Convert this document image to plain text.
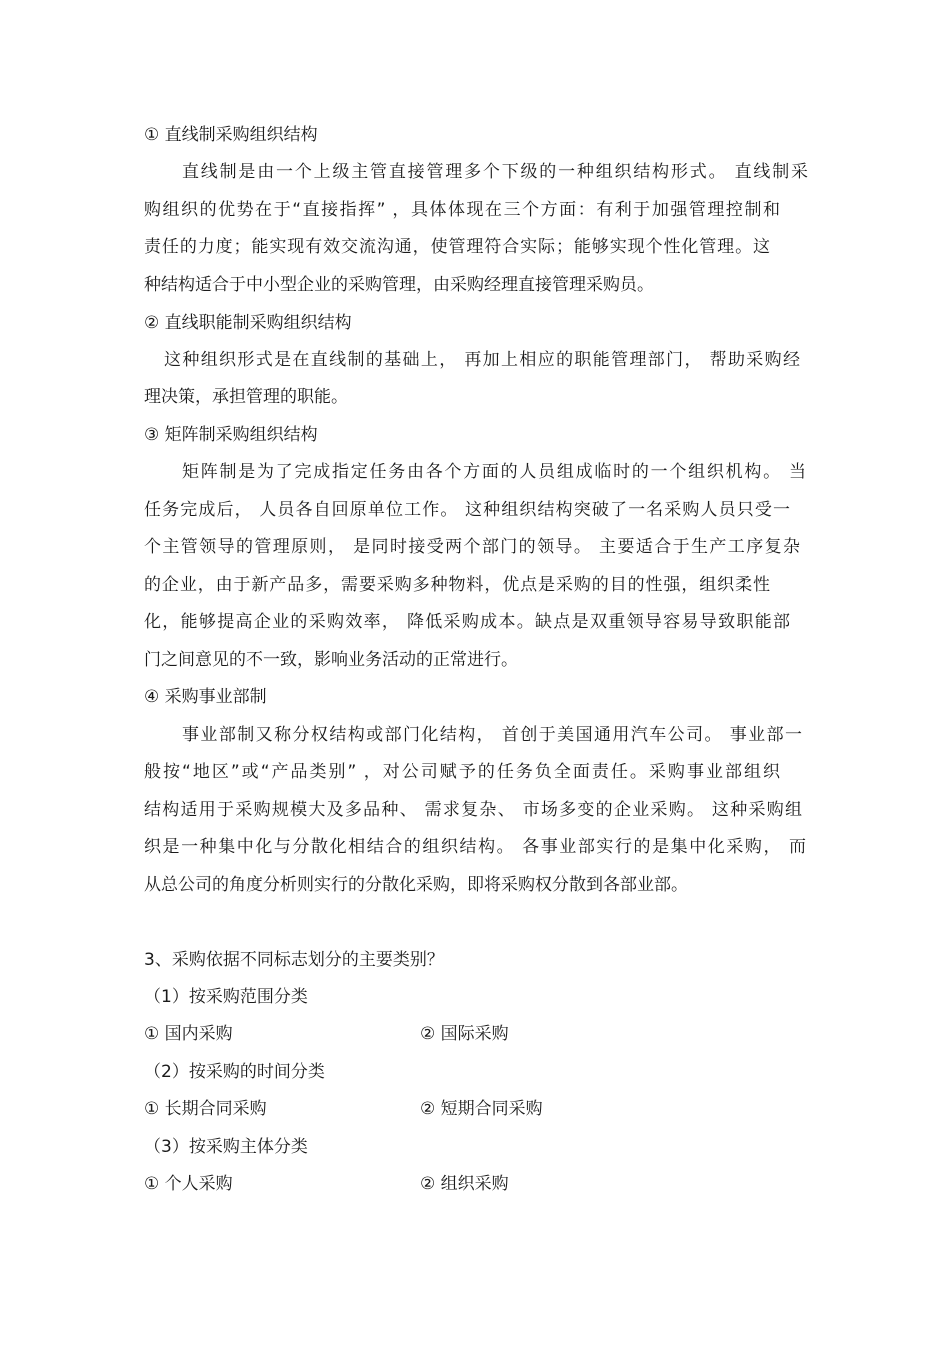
① 直线制采购组织结构
直线制是由一个上级主管直接管理多个下级的一种组织结构形式。 直线制采
购组织的优势在于“直接指挥” ，具体体现在三个方面：有利于加强管理控制和
责任的力度；能实现有效交流沟通，使管理符合实际；能够实现个性化管理。这
种结构适合于中小型企业的采购管理，由采购经理直接管理采购员。
② 直线职能制采购组织结构
这种组织形式是在直线制的基础上， 再加上相应的职能管理部门， 帮助采购经
理决策，承担管理的职能。
③ 矩阵制采购组织结构
矩阵制是为了完成指定任务由各个方面的人员组成临时的一个组织机构。 当
任务完成后， 人员各自回原单位工作。 这种组织结构突破了一名采购人员只受一
个主管领导的管理原则， 是同时接受两个部门的领导。 主要适合于生产工序复杂
的企业，由于新产品多，需要采购多种物料，优点是采购的目的性强，组织柔性
化，能够提高企业的采购效率， 降低采购成本。缺点是双重领导容易导致职能部
门之间意见的不一致，影响业务活动的正常进行。
④ 采购事业部制
事业部制又称分权结构或部门化结构， 首创于美国通用汽车公司。 事业部一
般按“地区”或“产品类别” ，对公司赋予的任务负全面责任。采购事业部组织
结构适用于采购规模大及多品种、 需求复杂、 市场多变的企业采购。 这种采购组
织是一种集中化与分散化相结合的组织结构。 各事业部实行的是集中化采购， 而
从总公司的角度分析则实行的分散化采购，即将采购权分散到各部业部。
3、采购依据不同标志划分的主要类别？
（1）按采购范围分类
① 国内采购	② 国际采购
（2）按采购的时间分类
① 长期合同采购	② 短期合同采购
（3）按采购主体分类
① 个人采购	② 组织采购
